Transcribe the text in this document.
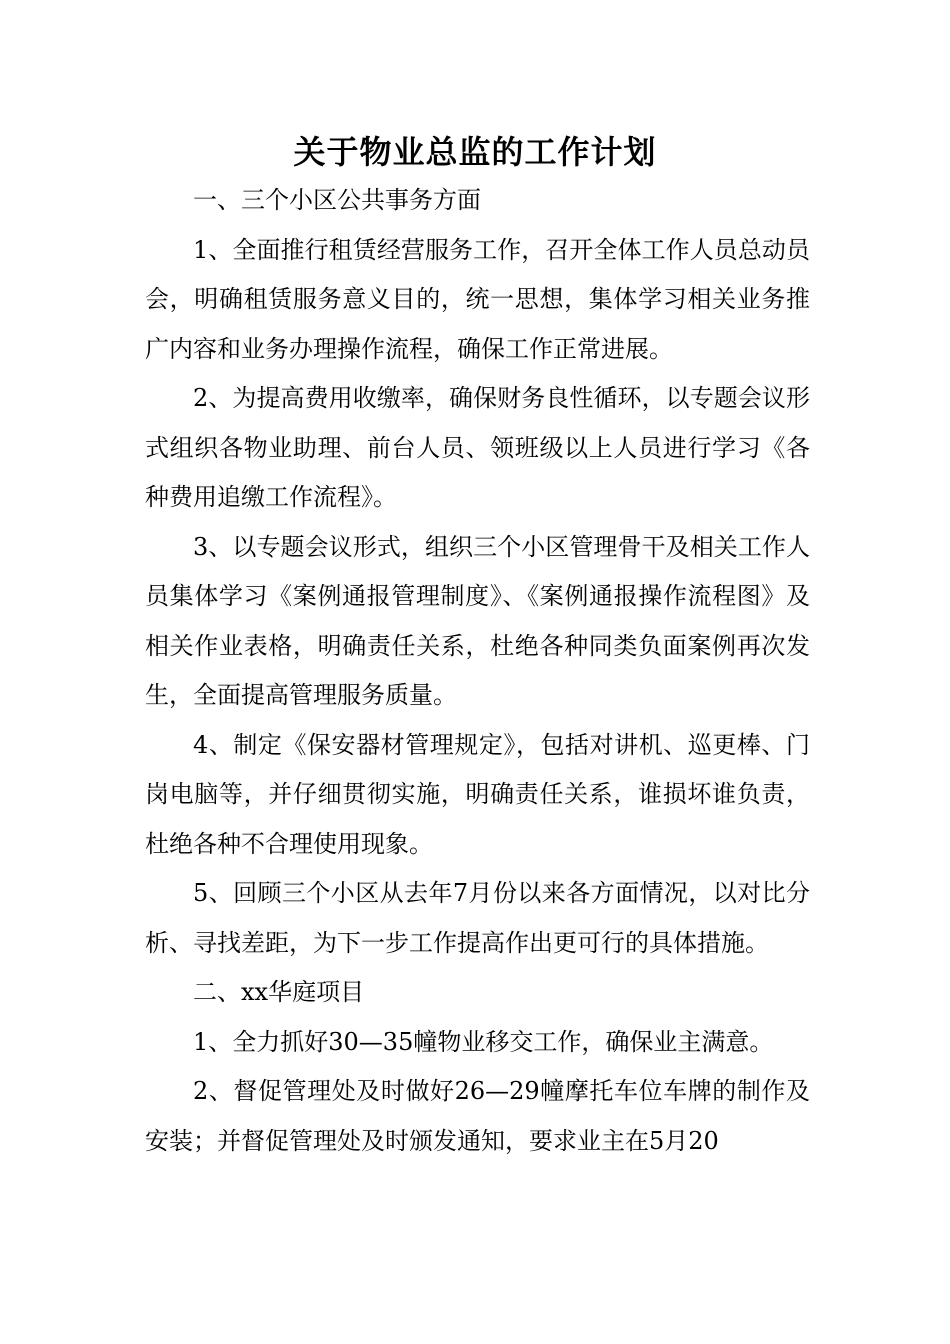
关于物业总监的工作计划

一、三个小区公共事务方面

1、全面推行租赁经营服务工作，召开全体工作人员总动员会，明确租赁服务意义目的，统一思想，集体学习相关业务推广内容和业务办理操作流程，确保工作正常进展。

2、为提高费用收缴率，确保财务良性循环，以专题会议形式组织各物业助理、前台人员、领班级以上人员进行学习《各种费用追缴工作流程》。

3、以专题会议形式，组织三个小区管理骨干及相关工作人员集体学习《案例通报管理制度》、《案例通报操作流程图》及相关作业表格，明确责任关系，杜绝各种同类负面案例再次发生，全面提高管理服务质量。

4、制定《保安器材管理规定》，包括对讲机、巡更棒、门岗电脑等，并仔细贯彻实施，明确责任关系，谁损坏谁负责，杜绝各种不合理使用现象。

5、回顾三个小区从去年7月份以来各方面情况，以对比分析、寻找差距，为下一步工作提高作出更可行的具体措施。

二、xx华庭项目

1、全力抓好30—35幢物业移交工作，确保业主满意。

2、督促管理处及时做好26—29幢摩托车位车牌的制作及安装；并督促管理处及时颁发通知，要求业主在5月20
